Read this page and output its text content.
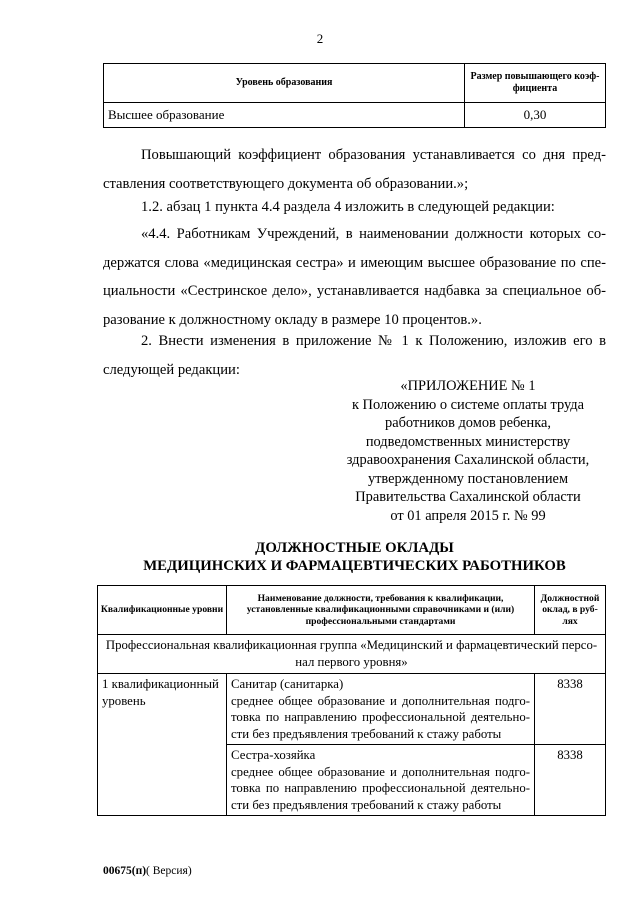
2
Уровень образования	Размер повышающего коэф-фициента
Высшее образование	0,30
Повышающий коэффициент образования устанавливается со дня пред-
ставления соответствующего документа об образовании.»;
1.2. абзац 1 пункта 4.4 раздела 4 изложить в следующей редакции:
«4.4. Работникам Учреждений, в наименовании должности которых со-
держатся слова «медицинская сестра» и имеющим высшее образование по спе-
циальности «Сестринское дело», устанавливается надбавка за специальное об-
разование к должностному окладу в размере 10 процентов.».
2. Внести изменения в приложение № 1 к Положению, изложив его в
следующей редакции:
«ПРИЛОЖЕНИЕ № 1
к Положению о системе оплаты труда
работников домов ребенка,
подведомственных министерству
здравоохранения Сахалинской области,
утвержденному постановлением
Правительства Сахалинской области
от 01 апреля 2015 г. № 99
ДОЛЖНОСТНЫЕ ОКЛАДЫ
МЕДИЦИНСКИХ И ФАРМАЦЕВТИЧЕСКИХ РАБОТНИКОВ
Квалификационные уровни	Наименование должности, требования к квалификации, установленные квалификационными справочниками и (или) профессиональными стандартами	Должностной оклад, в руб-лях
Профессиональная квалификационная группа «Медицинский и фармацевтический персо-нал первого уровня»		
1 квалификационный уровень	Санитар (санитарка)
среднее общее образование и дополнительная подго-товка по направлению профессиональной деятельно-сти без предъявления требований к стажу работы	8338

	Сестра-хозяйка
среднее общее образование и дополнительная подго-товка по направлению профессиональной деятельно-сти без предъявления требований к стажу работы	8338
00675(п)( Версия)
